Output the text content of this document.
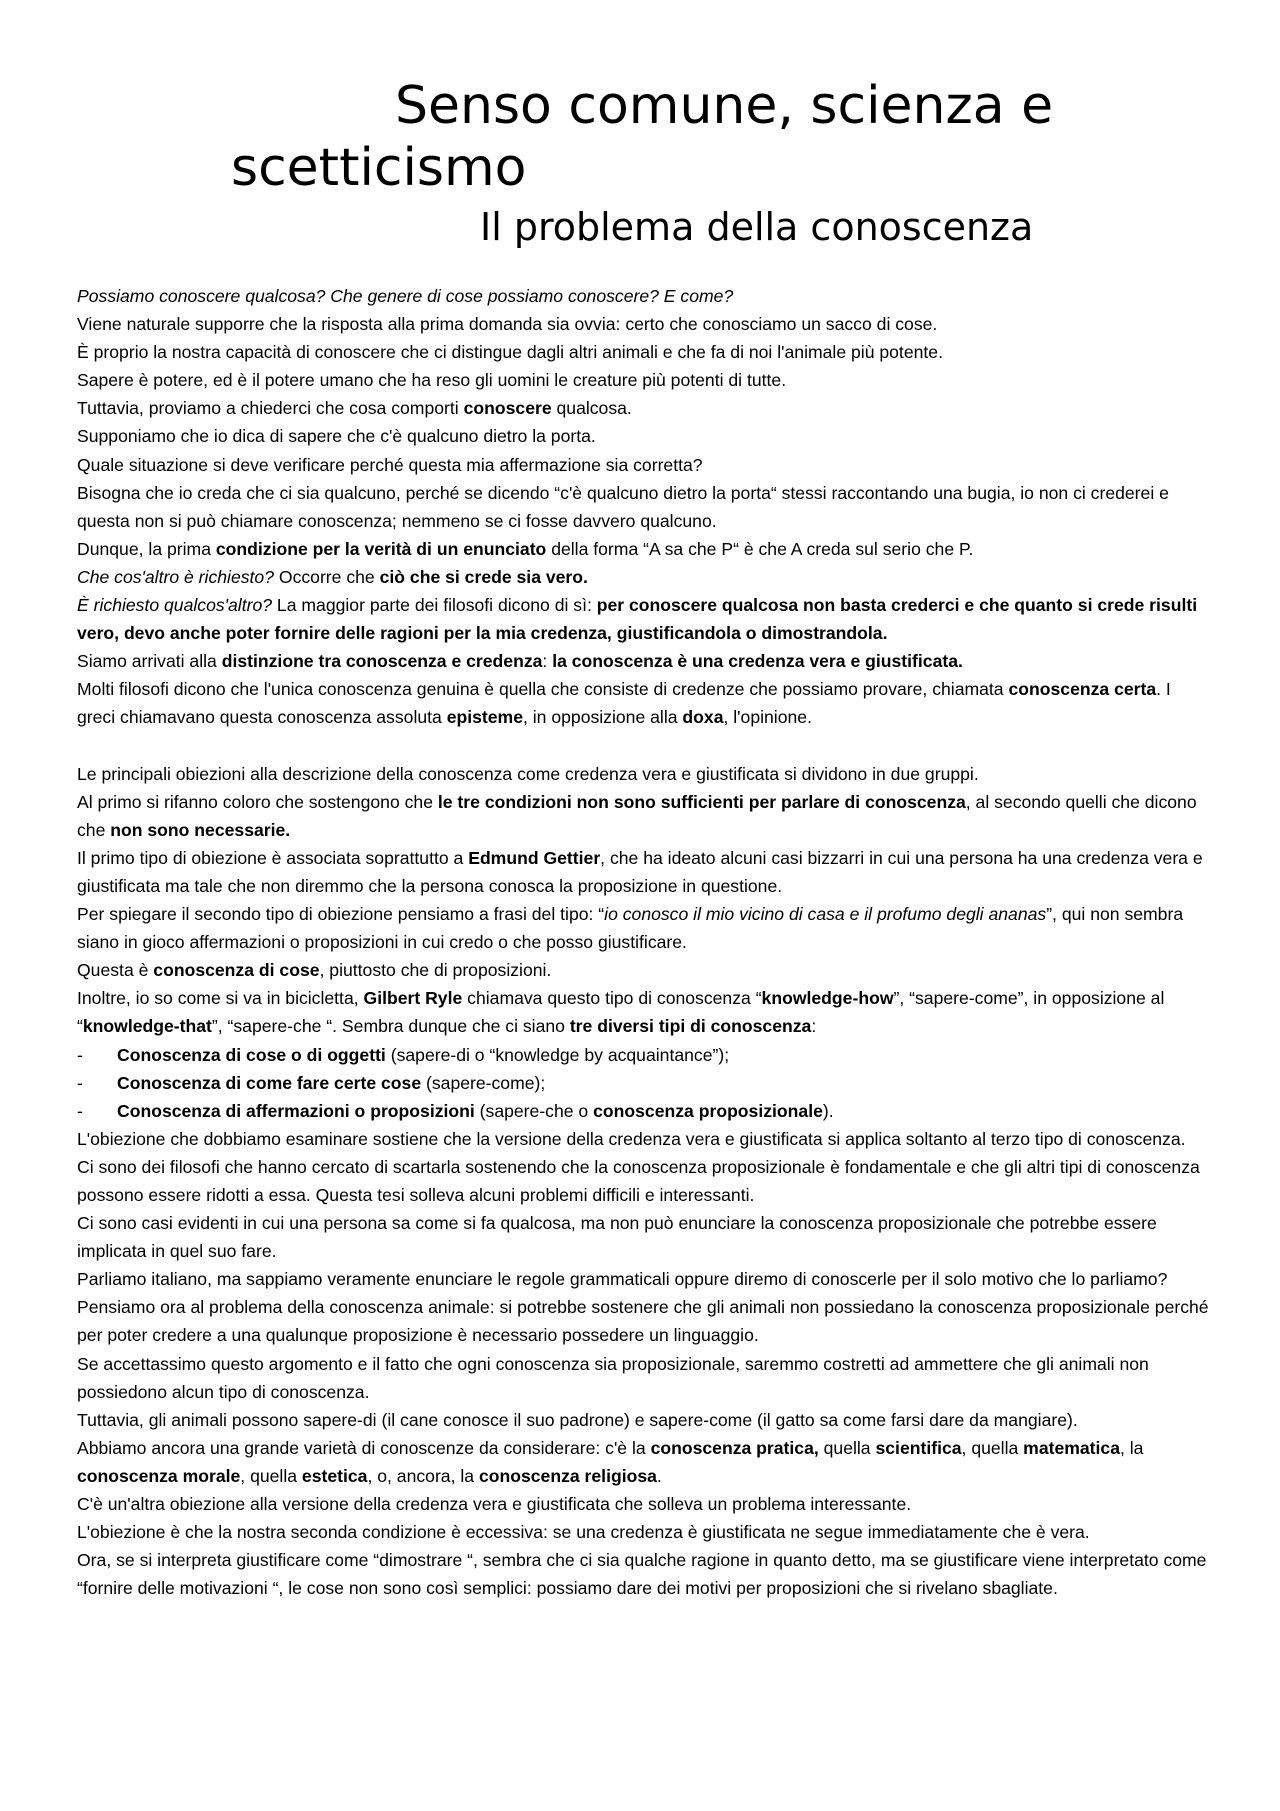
Senso comune, scienza e
scetticismo
Il problema della conoscenza

Possiamo conoscere qualcosa? Che genere di cose possiamo conoscere? E come?

Viene naturale supporre che la risposta alla prima domanda sia ovvia: certo che conosciamo un sacco di cose.

È proprio la nostra capacità di conoscere che ci distingue dagli altri animali e che fa di noi l'animale più potente.

Sapere è potere, ed è il potere umano che ha reso gli uomini le creature più potenti di tutte.

Tuttavia, proviamo a chiederci che cosa comporti conoscere qualcosa.

Supponiamo che io dica di sapere che c'è qualcuno dietro la porta.

Quale situazione si deve verificare perché questa mia affermazione sia corretta?

Bisogna che io creda che ci sia qualcuno, perché se dicendo “c'è qualcuno dietro la porta“ stessi raccontando una bugia, io non ci crederei e questa non si può chiamare conoscenza; nemmeno se ci fosse davvero qualcuno.

Dunque, la prima condizione per la verità di un enunciato della forma “A sa che P“ è che A creda sul serio che P.

Che cos'altro è richiesto? Occorre che ciò che si crede sia vero.

È richiesto qualcos'altro? La maggior parte dei filosofi dicono di sì: per conoscere qualcosa non basta crederci e che quanto si crede risulti vero, devo anche poter fornire delle ragioni per la mia credenza, giustificandola o dimostrandola.

Siamo arrivati alla distinzione tra conoscenza e credenza: la conoscenza è una credenza vera e giustificata.

Molti filosofi dicono che l'unica conoscenza genuina è quella che consiste di credenze che possiamo provare, chiamata conoscenza certa. I greci chiamavano questa conoscenza assoluta episteme, in opposizione alla doxa, l'opinione.

Le principali obiezioni alla descrizione della conoscenza come credenza vera e giustificata si dividono in due gruppi.

Al primo si rifanno coloro che sostengono che le tre condizioni non sono sufficienti per parlare di conoscenza, al secondo quelli che dicono che non sono necessarie.

Il primo tipo di obiezione è associata soprattutto a Edmund Gettier, che ha ideato alcuni casi bizzarri in cui una persona ha una credenza vera e giustificata ma tale che non diremmo che la persona conosca la proposizione in questione.

Per spiegare il secondo tipo di obiezione pensiamo a frasi del tipo: “io conosco il mio vicino di casa e il profumo degli ananas”, qui non sembra siano in gioco affermazioni o proposizioni in cui credo o che posso giustificare.

Questa è conoscenza di cose, piuttosto che di proposizioni.

Inoltre, io so come si va in bicicletta, Gilbert Ryle chiamava questo tipo di conoscenza “knowledge-how”, “sapere-come”, in opposizione al “knowledge-that”, “sapere-che “. Sembra dunque che ci siano tre diversi tipi di conoscenza:

- Conoscenza di cose o di oggetti (sapere-di o “knowledge by acquaintance”);

- Conoscenza di come fare certe cose (sapere-come);

- Conoscenza di affermazioni o proposizioni (sapere-che o conoscenza proposizionale).

L'obiezione che dobbiamo esaminare sostiene che la versione della credenza vera e giustificata si applica soltanto al terzo tipo di conoscenza.

Ci sono dei filosofi che hanno cercato di scartarla sostenendo che la conoscenza proposizionale è fondamentale e che gli altri tipi di conoscenza possono essere ridotti a essa. Questa tesi solleva alcuni problemi difficili e interessanti.

Ci sono casi evidenti in cui una persona sa come si fa qualcosa, ma non può enunciare la conoscenza proposizionale che potrebbe essere implicata in quel suo fare.

Parliamo italiano, ma sappiamo veramente enunciare le regole grammaticali oppure diremo di conoscerle per il solo motivo che lo parliamo?

Pensiamo ora al problema della conoscenza animale: si potrebbe sostenere che gli animali non possiedano la conoscenza proposizionale perché per poter credere a una qualunque proposizione è necessario possedere un linguaggio.

Se accettassimo questo argomento e il fatto che ogni conoscenza sia proposizionale, saremmo costretti ad ammettere che gli animali non possiedono alcun tipo di conoscenza.

Tuttavia, gli animali possono sapere-di (il cane conosce il suo padrone) e sapere-come (il gatto sa come farsi dare da mangiare).

Abbiamo ancora una grande varietà di conoscenze da considerare: c'è la conoscenza pratica, quella scientifica, quella matematica, la conoscenza morale, quella estetica, o, ancora, la conoscenza religiosa.

C'è un'altra obiezione alla versione della credenza vera e giustificata che solleva un problema interessante.

L'obiezione è che la nostra seconda condizione è eccessiva: se una credenza è giustificata ne segue immediatamente che è vera.

Ora, se si interpreta giustificare come “dimostrare “, sembra che ci sia qualche ragione in quanto detto, ma se giustificare viene interpretato come “fornire delle motivazioni “, le cose non sono così semplici: possiamo dare dei motivi per proposizioni che si rivelano sbagliate.
